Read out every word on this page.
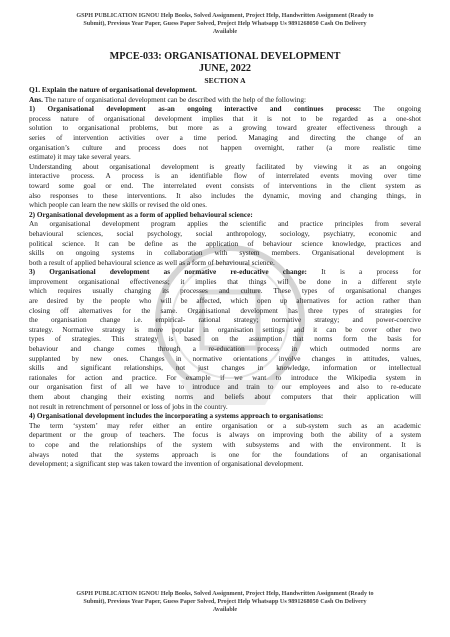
GSPH PUBLICATION IGNOU Help Books, Solved Assignment, Project Help, Handwritten Assignment (Ready to
Submit), Previous Year Paper, Guess Paper Solved, Project Help Whatsapp Us 9891268050 Cash On Delivery
Available
MPCE-033: ORGANISATIONAL DEVELOPMENT
JUNE, 2022
SECTION A
Q1. Explain the nature of organisational development.
Ans. The nature of organisational development can be described with the help of the following:
1) Organisational development as-an ongoing interactive and continues process: The ongoing
process nature of organisational development implies that it is not to be regarded as a one-shot
solution to organisational problems, but more as a growing toward greater effectiveness through a
series of intervention activities over a time period. Managing and directing the change of an
organisation’s culture and process does not happen overnight, rather (a more realistic time
estimate) it may take several years.
Understanding about organisational development is greatly facilitated by viewing it as an ongoing
interactive process. A process is an identifiable flow of interrelated events moving over time
toward some goal or end. The interrelated event consists of interventions in the client system as
also responses to these interventions. It also includes the dynamic, moving and changing things, in
which people can learn the new skills or revised the old ones.
2) Organisational development as a form of applied behavioural science:
An organisational development program applies the scientific and practice principles from several
behavioural sciences, social psychology, social anthropology, sociology, psychiatry, economic and
political science. It can be define as the application of behaviour science knowledge, practices and
skills on ongoing systems in collaboration with system members. Organisational development is
both a result of applied behavioural science as well as a form of behavioural science.
3) Organisational development as normative re-educative change: It is a process for
improvement organisational effectiveness; it implies that things will be done in a different style
which requires usually changing its processes and culture. These types of organisational changes
are desired by the people who will be affected, which open up alternatives for action rather than
closing off alternatives for the same. Organisational development has three types of strategies for
the organisation change i.e. empirical- rational strategy; normative strategy; and power-coercive
strategy. Normative strategy is more popular in organisation settings and it can be cover other two
types of strategies. This strategy is based on the assumption that norms form the basis for
behaviour and change comes through a re-education process in which outmoded norms are
supplanted by new ones. Changes in normative orientations involve changes in attitudes, values,
skills and significant relationships, not just changes in knowledge, information or intellectual
rationales for action and practice. For example if we want to introduce the Wikipedia system in
our organisation first of all we have to introduce and train to our employees and also to re-educate
them about changing their existing norms and beliefs about computers that their application will
not result in retrenchment of personnel or loss of jobs in the country.
4) Organisational development includes the incorporating a systems approach to organisations:
The term ‘system’ may refer either an entire organisation or a sub-system such as an academic
department or the group of teachers. The focus is always on improving both the ability of a system
to cope and the relationships of the system with subsystems and with the environment. It is
always noted that the systems approach is one for the foundations of an organisational
development; a significant step was taken toward the invention of organisational development.
GSPH PUBLICATION IGNOU Help Books, Solved Assignment, Project Help, Handwritten Assignment (Ready to
Submit), Previous Year Paper, Guess Paper Solved, Project Help Whatsapp Us 9891268050 Cash On Delivery
Available
